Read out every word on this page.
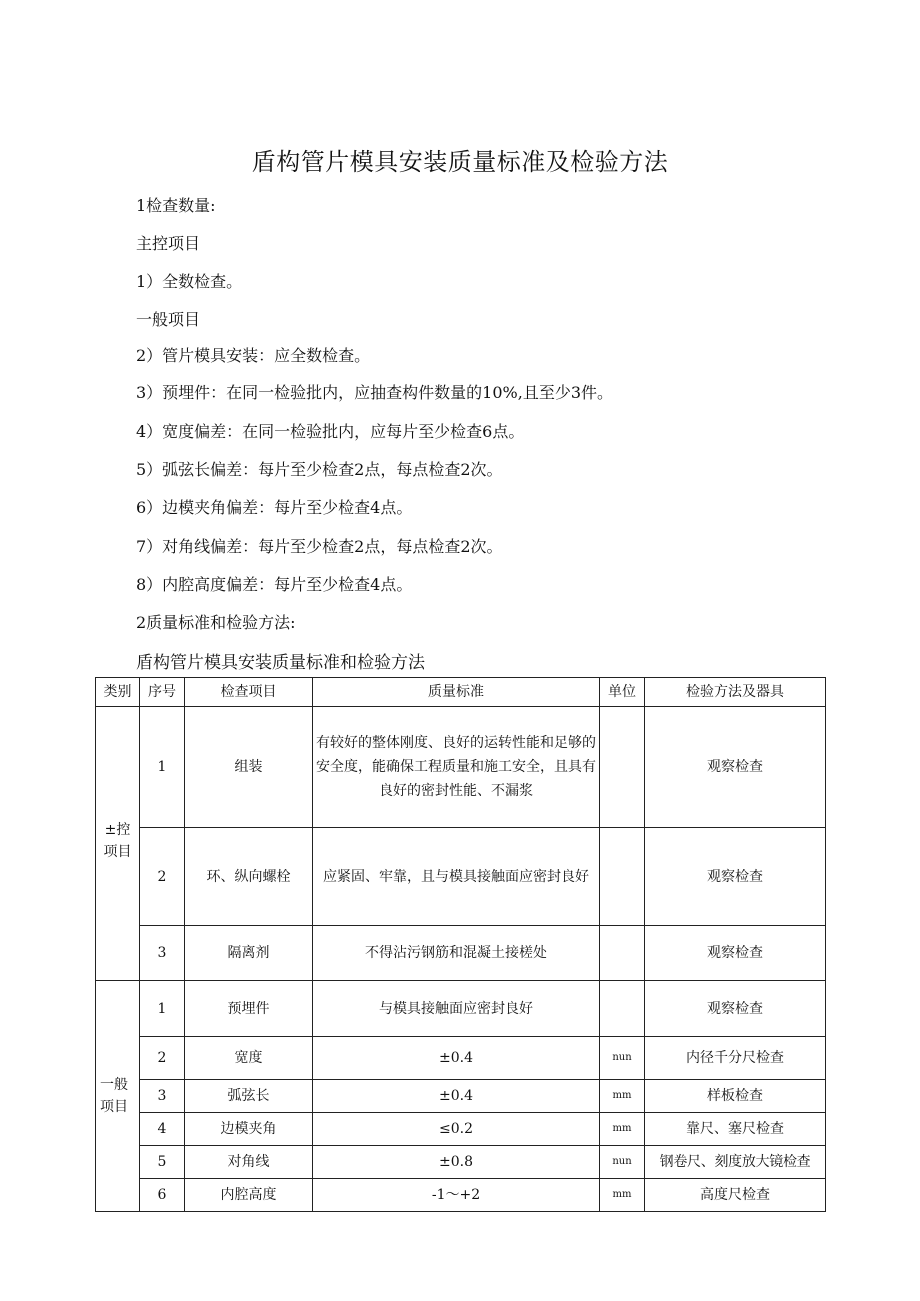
盾构管片模具安装质量标准及检验方法
1检查数量:
主控项目
1）全数检查。
一般项目
2）管片模具安装：应全数检查。
3）预埋件：在同一检验批内，应抽查构件数量的10%,且至少3件。
4）宽度偏差：在同一检验批内，应每片至少检查6点。
5）弧弦长偏差：每片至少检查2点，每点检查2次。
6）边模夹角偏差：每片至少检查4点。
7）对角线偏差：每片至少检查2点，每点检查2次。
8）内腔高度偏差：每片至少检查4点。
2质量标准和检验方法:
盾构管片模具安装质量标准和检验方法
类别	序号	检查项目	质量标准	单位	检验方法及器具

±控项目	1	组装	有较好的整体刚度、良好的运转性能和足够的安全度，能确保工程质量和施工安全，且具有良好的密封性能、不漏浆		观察检查
	2	环、纵向螺栓	应紧固、牢靠，且与模具接触面应密封良好		观察检查
	3	隔离剂	不得沾污钢筋和混凝土接槎处		观察检查

一般项目	1	预埋件	与模具接触面应密封良好		观察检查
	2	宽度	±0.4	nun	内径千分尺检查
	3	弧弦长	±0.4	mm	样板检查
	4	边模夹角	≤0.2	mm	靠尺、塞尺检查
	5	对角线	±0.8	nun	钢卷尺、刻度放大镜检查
	6	内腔高度	-1〜+2	mm	高度尺检查
